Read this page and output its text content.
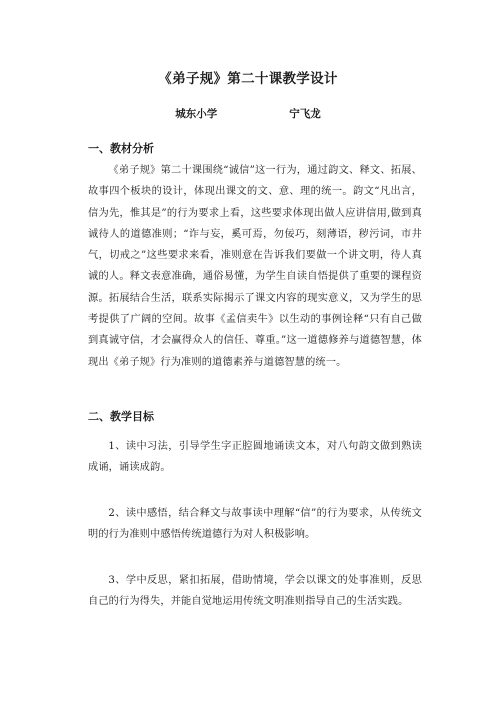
《弟子规》第二十课教学设计
城东小学	宁飞龙
一、教材分析

《弟子规》第二十课围绕“诚信”这一行为，通过韵文、释文、拓展、故事四个板块的设计，体现出课文的文、意、理的统一。韵文“凡出言，信为先，惟其是”的行为要求上看，这些要求体现出做人应讲信用,做到真诚待人的道德准则；“诈与妄，奚可焉，勿佞巧，刻薄语，秽污词，市井气，切戒之”这些要求来看，准则意在告诉我们要做一个讲文明，待人真诚的人。释文表意准确，通俗易懂，为学生自读自悟提供了重要的课程资源。拓展结合生活，联系实际揭示了课文内容的现实意义，又为学生的思考提供了广阔的空间。故事《孟信卖牛》以生动的事例诠释“只有自己做到真诚守信，才会赢得众人的信任、尊重。”这一道德修养与道德智慧，体现出《弟子规》行为准则的道德素养与道德智慧的统一。

二、教学目标

1、读中习法，引导学生字正腔圆地诵读文本，对八句韵文做到熟读成诵，诵读成韵。

2、读中感悟，结合释文与故事读中理解“信”的行为要求，从传统文明的行为准则中感悟传统道德行为对人积极影响。

3、学中反思，紧扣拓展，借助情境，学会以课文的处事准则，反思自己的行为得失，并能自觉地运用传统文明准则指导自己的生活实践。
